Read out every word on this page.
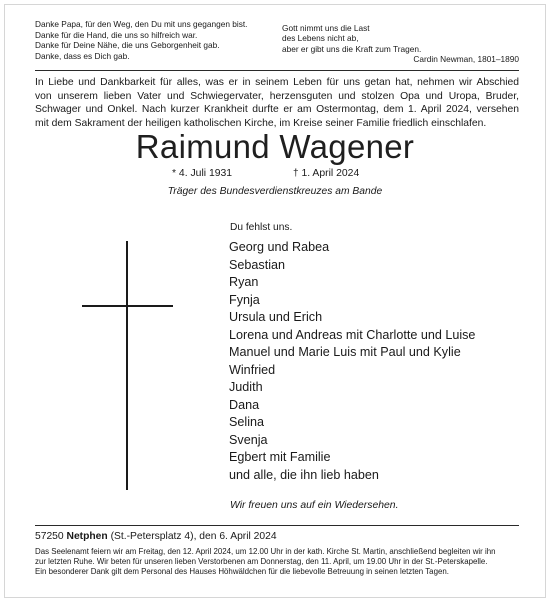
Danke Papa, für den Weg, den Du mit uns gegangen bist.
Danke für die Hand, die uns so hilfreich war.
Danke für Deine Nähe, die uns Geborgenheit gab.
Danke, dass es Dich gab.
Gott nimmt uns die Last
des Lebens nicht ab,
aber er gibt uns die Kraft zum Tragen.
Cardin Newman, 1801–1890
In Liebe und Dankbarkeit für alles, was er in seinem Leben für uns getan hat, nehmen wir Abschied
von unserem lieben Vater und Schwiegervater, herzensguten und stolzen Opa und Uropa, Bruder,
Schwager und Onkel. Nach kurzer Krankheit durfte er am Ostermontag, dem 1. April 2024, versehen
mit dem Sakrament der heiligen katholischen Kirche, im Kreise seiner Familie friedlich einschlafen.
Raimund Wagener
* 4. Juli 1931	† 1. April 2024
Träger des Bundesverdienstkreuzes am Bande
Du fehlst uns.
Georg und Rabea
Sebastian
Ryan
Fynja
Ursula und Erich
Lorena und Andreas mit Charlotte und Luise
Manuel und Marie Luis mit Paul und Kylie
Winfried
Judith
Dana
Selina
Svenja
Egbert mit Familie
und alle, die ihn lieb haben
Wir freuen uns auf ein Wiedersehen.
57250 Netphen (St.-Petersplatz 4), den 6. April 2024
Das Seelenamt feiern wir am Freitag, den 12. April 2024, um 12.00 Uhr in der kath. Kirche St. Martin, anschließend begleiten wir ihn
zur letzten Ruhe. Wir beten für unseren lieben Verstorbenen am Donnerstag, den 11. April, um 19.00 Uhr in der St.-Peterskapelle.
Ein besonderer Dank gilt dem Personal des Hauses Höhwäldchen für die liebevolle Betreuung in seinen letzten Tagen.
